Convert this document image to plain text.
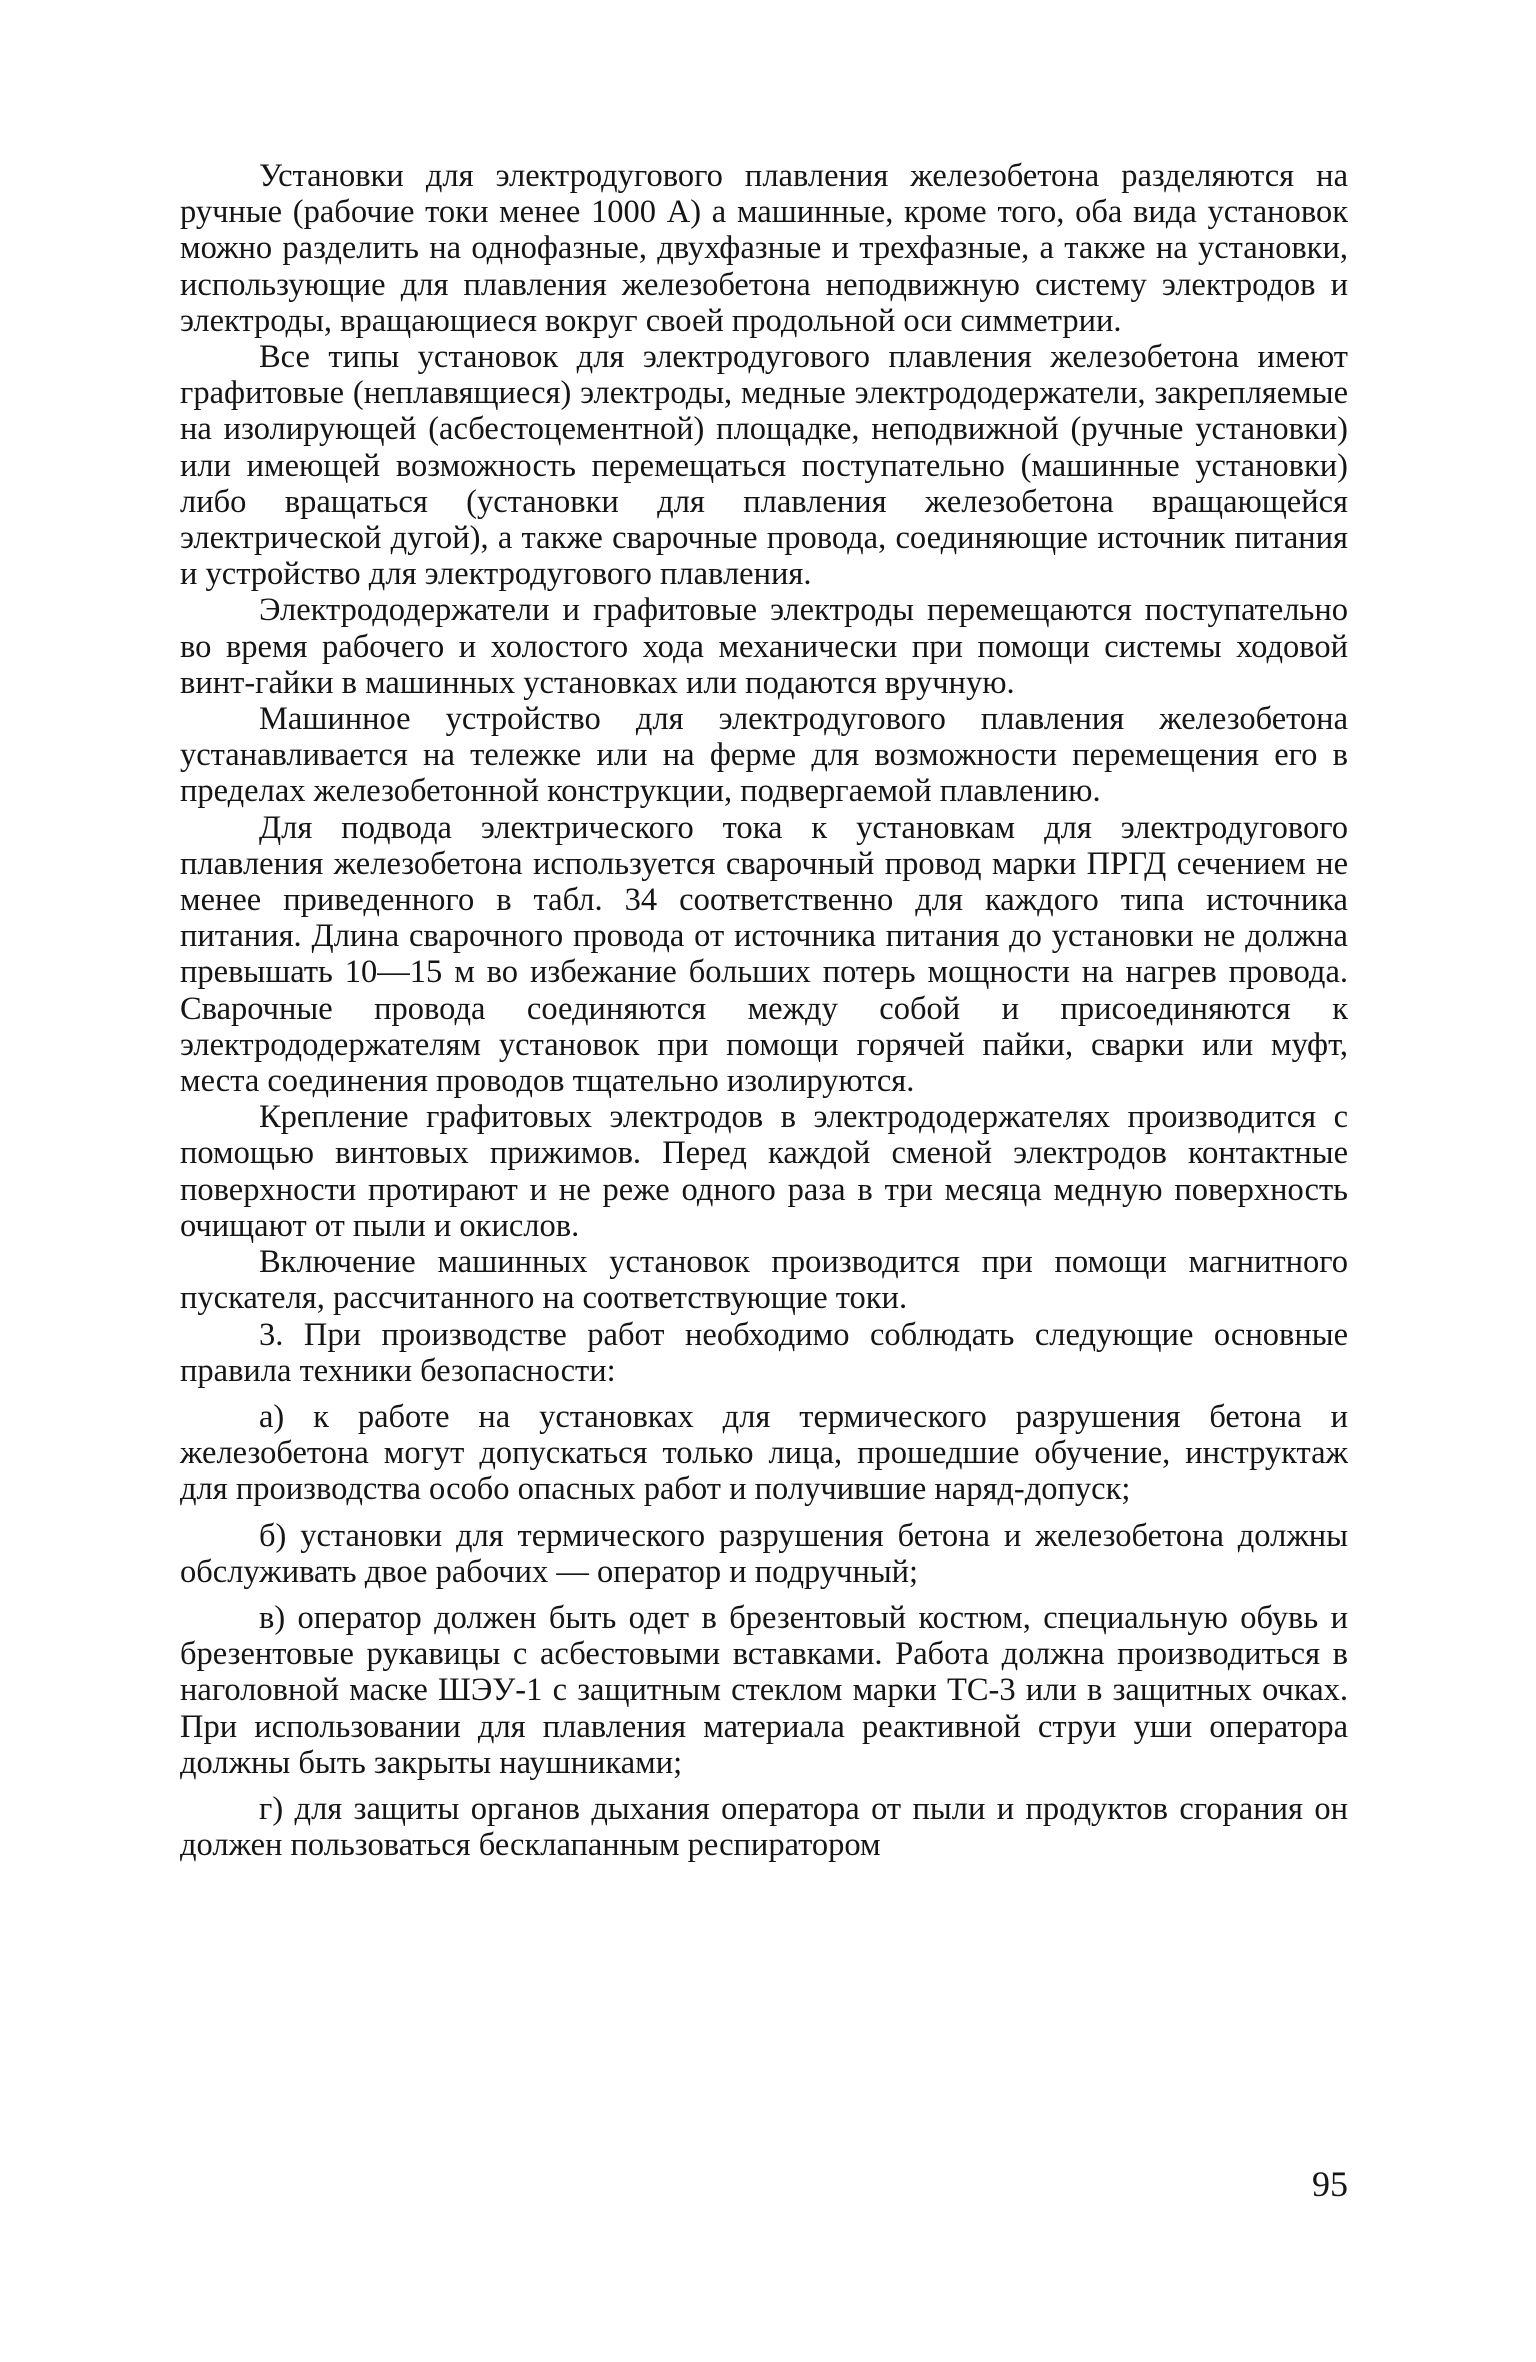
Установки для электродугового плавления железобетона разделяются на ручные (рабочие токи менее 1000 А) а машинные, кроме того, оба вида установок можно разделить на однофазные, двухфазные и трехфазные, а также на установки, использующие для плавления железобетона неподвижную систему электродов и электроды, вращающиеся вокруг своей продольной оси симметрии.

Все типы установок для электродугового плавления железобетона имеют графитовые (неплавящиеся) электроды, медные электрододержатели, закрепляемые на изолирующей (асбестоцементной) площадке, неподвижной (ручные установки) или имеющей возможность перемещаться поступательно (машинные установки) либо вращаться (установки для плавления железобетона вращающейся электрической дугой), а также сварочные провода, соединяющие источник питания и устройство для электродугового плавления.

Электрододержатели и графитовые электроды перемещаются поступательно во время рабочего и холостого хода механически при помощи системы ходовой винт-гайки в машинных установках или подаются вручную.

Машинное устройство для электродугового плавления железобетона устанавливается на тележке или на ферме для возможности перемещения его в пределах железобетонной конструкции, подвергаемой плавлению.

Для подвода электрического тока к установкам для электродугового плавления железобетона используется сварочный провод марки ПРГД сечением не менее приведенного в табл. 34 соответственно для каждого типа источника питания. Длина сварочного провода от источника питания до установки не должна превышать 10—15 м во избежание больших потерь мощности на нагрев провода. Сварочные провода соединяются между собой и присоединяются к электрододержателям установок при помощи горячей пайки, сварки или муфт, места соединения проводов тщательно изолируются.

Крепление графитовых электродов в электрододержателях производится с помощью винтовых прижимов. Перед каждой сменой электродов контактные поверхности протирают и не реже одного раза в три месяца медную поверхность очищают от пыли и окислов.

Включение машинных установок производится при помощи магнитного пускателя, рассчитанного на соответствующие токи.

3. При производстве работ необходимо соблюдать следующие основные правила техники безопасности:

а) к работе на установках для термического разрушения бетона и железобетона могут допускаться только лица, прошедшие обучение, инструктаж для производства особо опасных работ и получившие наряд-допуск;

б) установки для термического разрушения бетона и железобетона должны обслуживать двое рабочих — оператор и подручный;

в) оператор должен быть одет в брезентовый костюм, специальную обувь и брезентовые рукавицы с асбестовыми вставками. Работа должна производиться в наголовной маске ШЭУ-1 с защитным стеклом марки ТС-3 или в защитных очках. При использовании для плавления материала реактивной струи уши оператора должны быть закрыты наушниками;

г) для защиты органов дыхания оператора от пыли и продуктов сгорания он должен пользоваться бесклапанным респиратором

95
